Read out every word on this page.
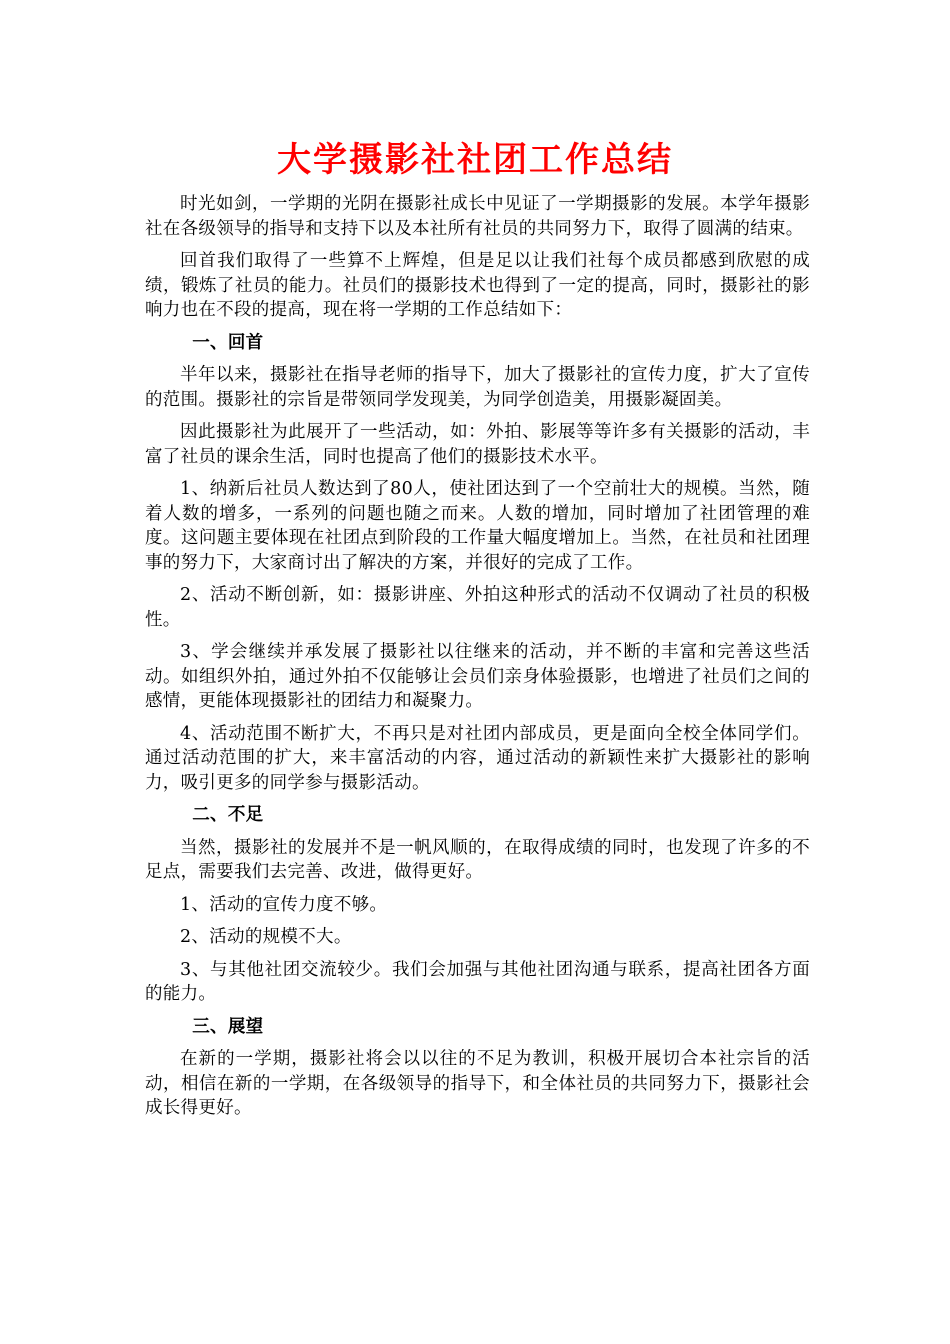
大学摄影社社团工作总结

时光如剑，一学期的光阴在摄影社成长中见证了一学期摄影的发展。本学年摄影社在各级领导的指导和支持下以及本社所有社员的共同努力下，取得了圆满的结束。

回首我们取得了一些算不上辉煌，但是足以让我们社每个成员都感到欣慰的成绩，锻炼了社员的能力。社员们的摄影技术也得到了一定的提高，同时，摄影社的影响力也在不段的提高，现在将一学期的工作总结如下：

一、回首

半年以来，摄影社在指导老师的指导下，加大了摄影社的宣传力度，扩大了宣传的范围。摄影社的宗旨是带领同学发现美，为同学创造美，用摄影凝固美。

因此摄影社为此展开了一些活动，如：外拍、影展等等许多有关摄影的活动，丰富了社员的课余生活，同时也提高了他们的摄影技术水平。

1、纳新后社员人数达到了80人，使社团达到了一个空前壮大的规模。当然，随着人数的增多，一系列的问题也随之而来。人数的增加，同时增加了社团管理的难度。这问题主要体现在社团点到阶段的工作量大幅度增加上。当然，在社员和社团理事的努力下，大家商讨出了解决的方案，并很好的完成了工作。

2、活动不断创新，如：摄影讲座、外拍这种形式的活动不仅调动了社员的积极性。

3、学会继续并承发展了摄影社以往继来的活动，并不断的丰富和完善这些活动。如组织外拍，通过外拍不仅能够让会员们亲身体验摄影，也增进了社员们之间的感情，更能体现摄影社的团结力和凝聚力。

4、活动范围不断扩大，不再只是对社团内部成员，更是面向全校全体同学们。通过活动范围的扩大，来丰富活动的内容，通过活动的新颖性来扩大摄影社的影响力，吸引更多的同学参与摄影活动。

二、不足

当然，摄影社的发展并不是一帆风顺的，在取得成绩的同时，也发现了许多的不足点，需要我们去完善、改进，做得更好。

1、活动的宣传力度不够。

2、活动的规模不大。

3、与其他社团交流较少。我们会加强与其他社团沟通与联系，提高社团各方面的能力。

三、展望

在新的一学期，摄影社将会以以往的不足为教训，积极开展切合本社宗旨的活动，相信在新的一学期，在各级领导的指导下，和全体社员的共同努力下，摄影社会成长得更好。
